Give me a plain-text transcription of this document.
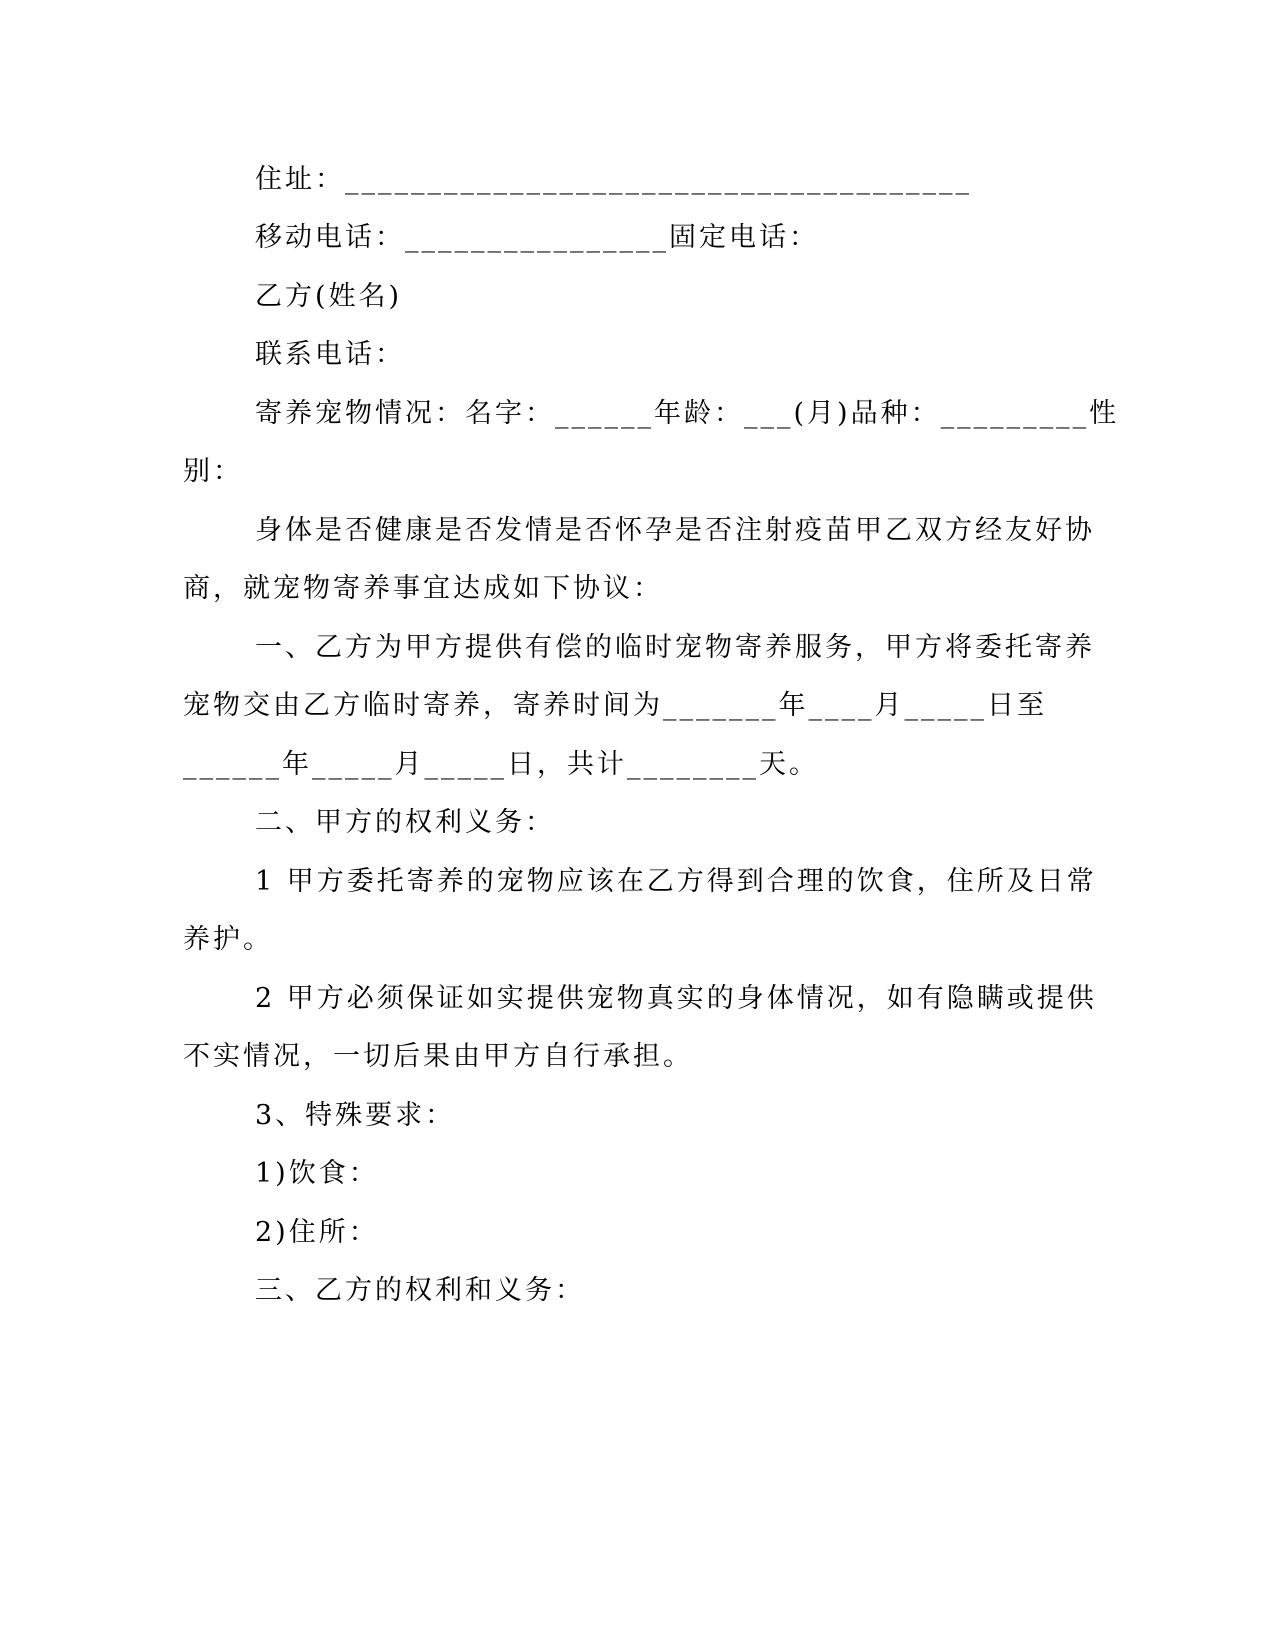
住址：______________________________________
移动电话：________________固定电话：
乙方(姓名)
联系电话：
寄养宠物情况：名字：______年龄：___(月)品种：_________性
别：
身体是否健康是否发情是否怀孕是否注射疫苗甲乙双方经友好协
商，就宠物寄养事宜达成如下协议：
一、乙方为甲方提供有偿的临时宠物寄养服务，甲方将委托寄养
宠物交由乙方临时寄养，寄养时间为_______年____月_____日至
______年_____月_____日，共计________天。
二、甲方的权利义务：
1 甲方委托寄养的宠物应该在乙方得到合理的饮食，住所及日常
养护。
2 甲方必须保证如实提供宠物真实的身体情况，如有隐瞒或提供
不实情况，一切后果由甲方自行承担。
3、特殊要求：
1)饮食：
2)住所：
三、乙方的权利和义务：
